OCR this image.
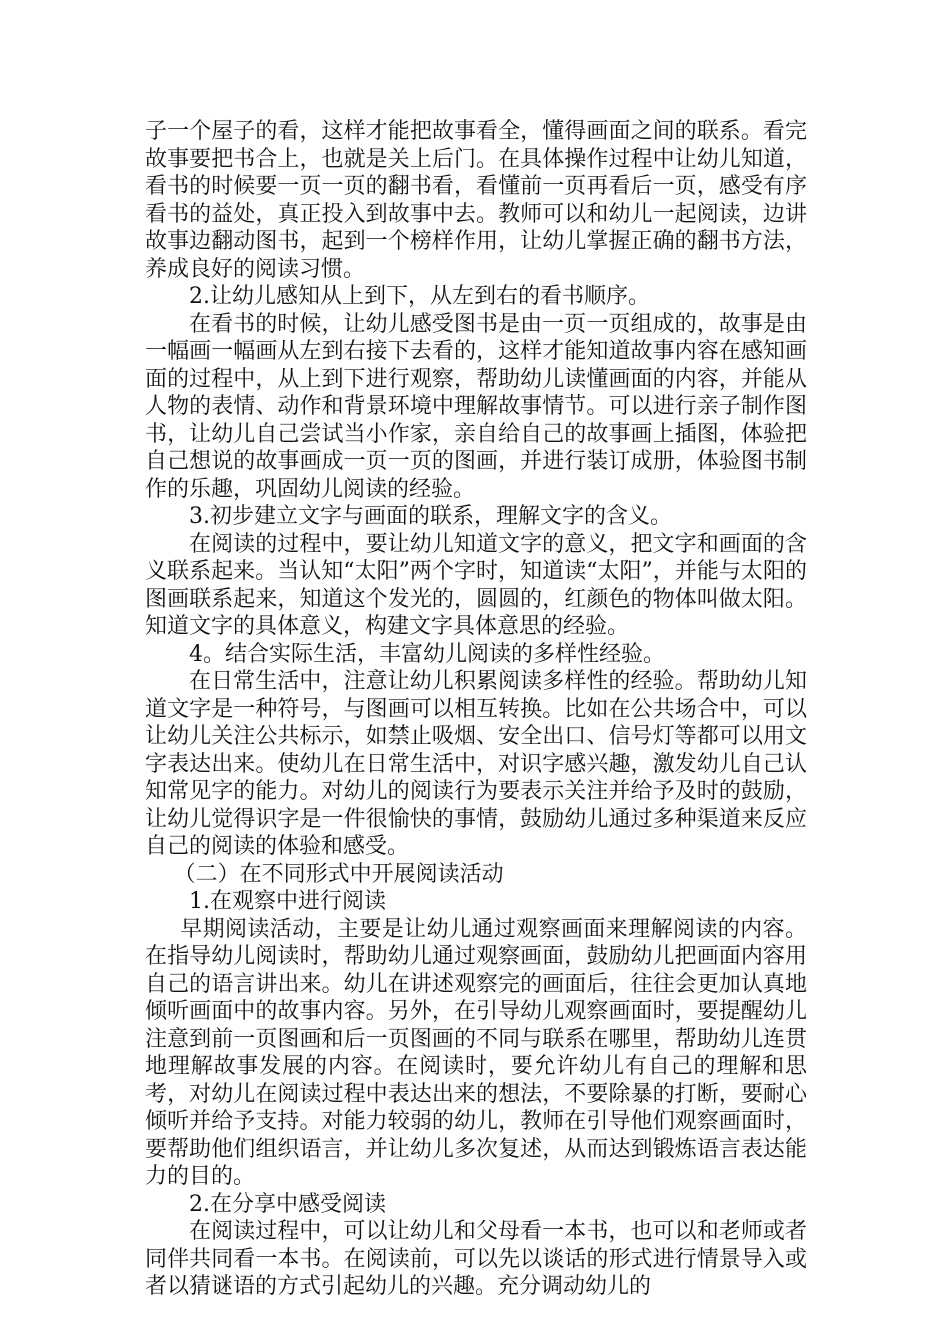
子一个屋子的看，这样才能把故事看全，懂得画面之间的联系。看完故事要把书合上，也就是关上后门。在具体操作过程中让幼儿知道，看书的时候要一页一页的翻书看，看懂前一页再看后一页，感受有序看书的益处，真正投入到故事中去。教师可以和幼儿一起阅读，边讲故事边翻动图书，起到一个榜样作用，让幼儿掌握正确的翻书方法，养成良好的阅读习惯。

2.让幼儿感知从上到下，从左到右的看书顺序。

在看书的时候，让幼儿感受图书是由一页一页组成的，故事是由一幅画一幅画从左到右接下去看的，这样才能知道故事内容在感知画面的过程中，从上到下进行观察，帮助幼儿读懂画面的内容，并能从人物的表情、动作和背景环境中理解故事情节。可以进行亲子制作图书，让幼儿自己尝试当小作家，亲自给自己的故事画上插图，体验把自己想说的故事画成一页一页的图画，并进行装订成册，体验图书制作的乐趣，巩固幼儿阅读的经验。

3.初步建立文字与画面的联系，理解文字的含义。

在阅读的过程中，要让幼儿知道文字的意义，把文字和画面的含义联系起来。当认知“太阳”两个字时，知道读“太阳”，并能与太阳的图画联系起来，知道这个发光的，圆圆的，红颜色的物体叫做太阳。知道文字的具体意义，构建文字具体意思的经验。

4。结合实际生活，丰富幼儿阅读的多样性经验。

在日常生活中，注意让幼儿积累阅读多样性的经验。帮助幼儿知道文字是一种符号，与图画可以相互转换。比如在公共场合中，可以让幼儿关注公共标示，如禁止吸烟、安全出口、信号灯等都可以用文字表达出来。使幼儿在日常生活中，对识字感兴趣，激发幼儿自己认知常见字的能力。对幼儿的阅读行为要表示关注并给予及时的鼓励，让幼儿觉得识字是一件很愉快的事情，鼓励幼儿通过多种渠道来反应自己的阅读的体验和感受。

（二）在不同形式中开展阅读活动

1.在观察中进行阅读

早期阅读活动，主要是让幼儿通过观察画面来理解阅读的内容。在指导幼儿阅读时，帮助幼儿通过观察画面，鼓励幼儿把画面内容用自己的语言讲出来。幼儿在讲述观察完的画面后，往往会更加认真地倾听画面中的故事内容。另外，在引导幼儿观察画面时，要提醒幼儿注意到前一页图画和后一页图画的不同与联系在哪里，帮助幼儿连贯地理解故事发展的内容。在阅读时，要允许幼儿有自己的理解和思考，对幼儿在阅读过程中表达出来的想法，不要除暴的打断，要耐心倾听并给予支持。对能力较弱的幼儿，教师在引导他们观察画面时，要帮助他们组织语言，并让幼儿多次复述，从而达到锻炼语言表达能力的目的。

2.在分享中感受阅读

在阅读过程中，可以让幼儿和父母看一本书，也可以和老师或者同伴共同看一本书。在阅读前，可以先以谈话的形式进行情景导入或者以猜谜语的方式引起幼儿的兴趣。充分调动幼儿的
